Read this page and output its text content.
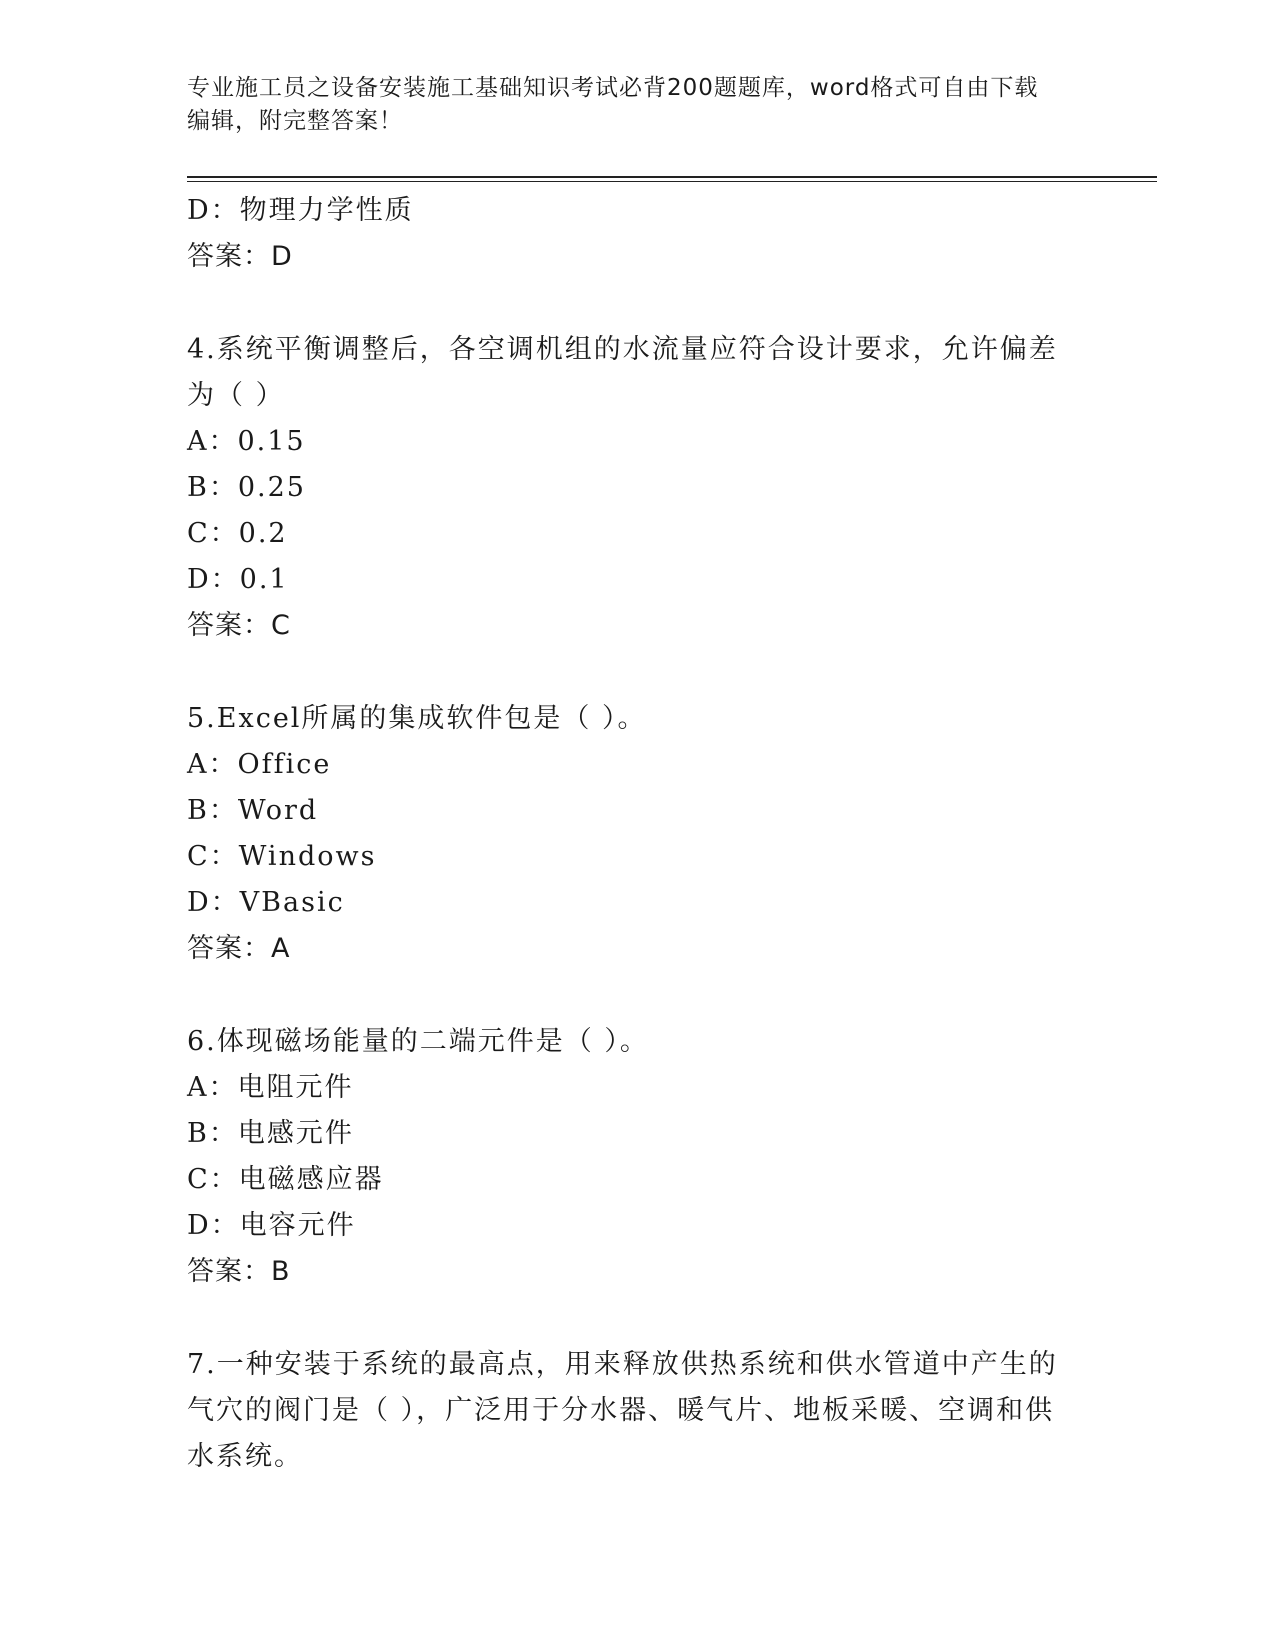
专业施工员之设备安装施工基础知识考试必背200题题库，word格式可自由下载
编辑，附完整答案！
D：物理力学性质
答案：D
4.系统平衡调整后，各空调机组的水流量应符合设计要求，允许偏差
为（ ）
A：0.15
B：0.25
C：0.2
D：0.1
答案：C
5.Excel所属的集成软件包是（ ）。
A：Office
B：Word
C：Windows
D：VBasic
答案：A
6.体现磁场能量的二端元件是（ ）。
A：电阻元件
B：电感元件
C：电磁感应器
D：电容元件
答案：B
7.一种安装于系统的最高点，用来释放供热系统和供水管道中产生的
气穴的阀门是（ ），广泛用于分水器、暖气片、地板采暖、空调和供
水系统。
